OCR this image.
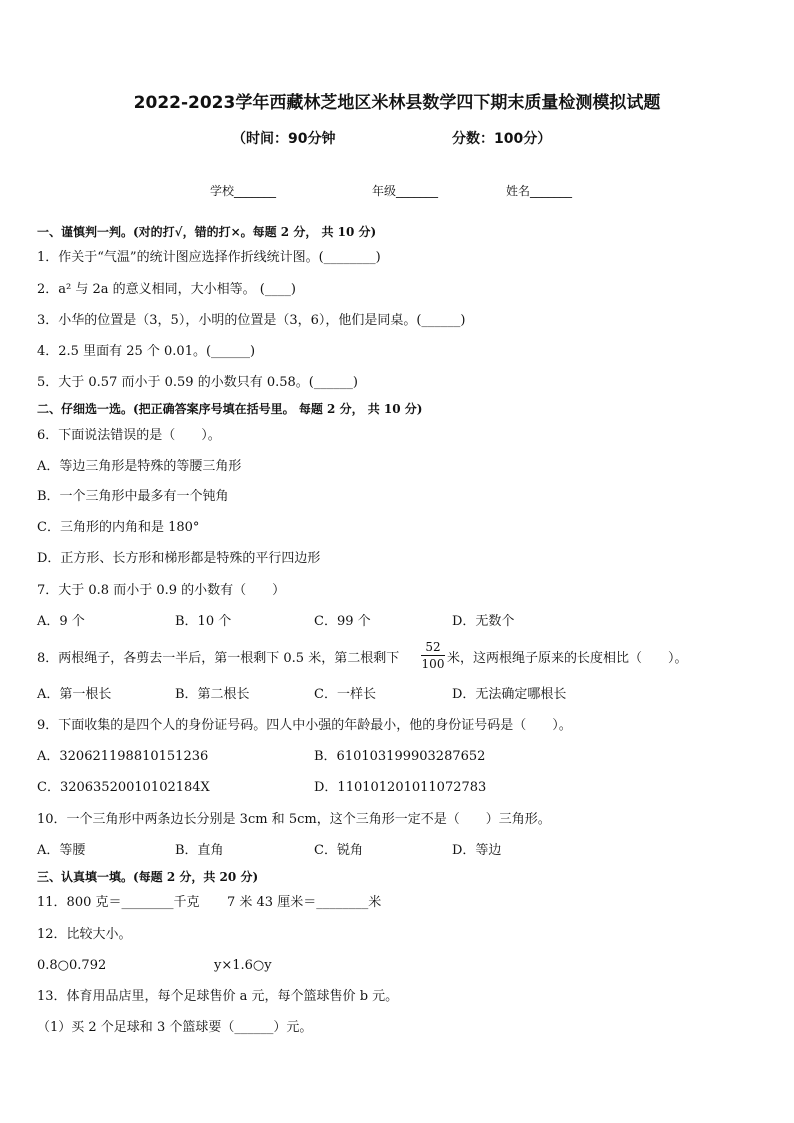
2022-2023学年西藏林芝地区米林县数学四下期末质量检测模拟试题
（时间：90分钟	分数：100分）
学校_______	年级_______	姓名_______
一、谨慎判一判。(对的打√，错的打×。每题 2 分， 共 10 分)
1．作关于“气温”的统计图应选择作折线统计图。(________)
2．a² 与 2a 的意义相同，大小相等。 (____)
3．小华的位置是（3，5），小明的位置是（3，6），他们是同桌。(______)
4．2.5 里面有 25 个 0.01。(______)
5．大于 0.57 而小于 0.59 的小数只有 0.58。(______)
二、仔细选一选。(把正确答案序号填在括号里。 每题 2 分， 共 10 分)
6．下面说法错误的是（　　）。
A．等边三角形是特殊的等腰三角形
B．一个三角形中最多有一个钝角
C．三角形的内角和是 180°
D．正方形、长方形和梯形都是特殊的平行四边形
7．大于 0.8 而小于 0.9 的小数有（　　）
A．9 个	B．10 个	C．99 个	D．无数个
8．两根绳子，各剪去一半后，第一根剩下 0.5 米，第二根剩下 $\frac{52}{100}$ 米，这两根绳子原来的长度相比（　　）。
A．第一根长	B．第二根长	C．一样长	D．无法确定哪根长
9．下面收集的是四个人的身份证号码。四人中小强的年龄最小，他的身份证号码是（　　）。
A．320621198810151236	B．610103199903287652
C．32063520010102184X	D．110101201011072783
10．一个三角形中两条边长分别是 3cm 和 5cm，这个三角形一定不是（　　）三角形。
A．等腰	B．直角	C．锐角	D．等边
三、认真填一填。(每题 2 分，共 20 分)
11．800 克＝________千克 7 米 43 厘米＝________米
12．比较大小。
0.8○0.792	y×1.6○y
13．体育用品店里，每个足球售价 a 元，每个篮球售价 b 元。
（1）买 2 个足球和 3 个篮球要（______）元。
